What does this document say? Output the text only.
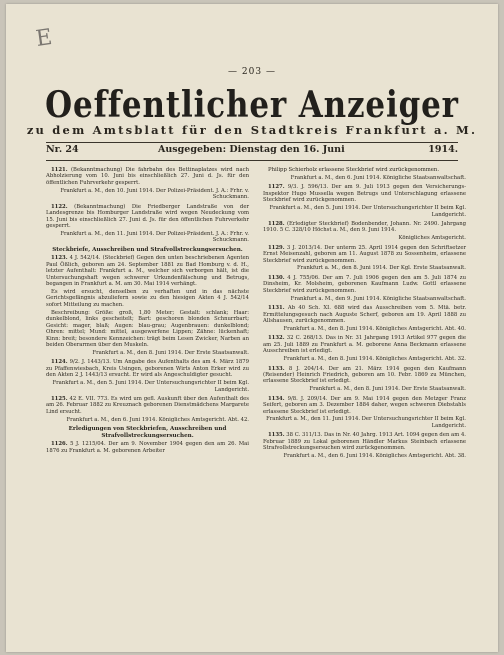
E
— 203 —
Oeffentlicher Anzeiger
zu dem Amtsblatt für den Stadtkreis Frankfurt a. M.
Nr. 24	Ausgegeben: Dienstag den 16. Juni	1914.

1121. (Bekanntmachung) Die fahrbahn des Bettinaplatzes wird nach Abholzierung vom 10. Juni bis einschließlich 27. Juni d. Js. für den öffentlichen Fuhrverkehr gesperrt.

Frankfurt a. M., den 10. Juni 1914. Der Polizei-Präsident. J. A.: Frhr. v. Schuckmann.

1122. (Bekanntmachung) Die Friedberger Landstraße von der Landesgrenze bis Homburger Landstraße wird wegen Neudeckung vom 15. Juni bis einschließlich 27. Juni d. Js. für den öffentlichen Fuhrverkehr gesperrt.

Frankfurt a. M., den 11. Juni 1914. Der Polizei-Präsident. J. A.: Frhr. v. Schuckmann.

Steckbriefe, Ausschreiben und Strafvollstreckungsersuchen.

1123. 4 J. 542/14. (Steckbrief) Gegen den unten beschriebenen Agenten Paul Ößlich, geboren am 24. September 1881 zu Bad Homburg v. d. H., letzter Aufenthalt: Frankfurt a. M., welcher sich verborgen hält, ist die Untersuchungshaft wegen schwerer Urkundenfälschung und Betrugs, begangen in Frankfurt a. M. am 30. Mai 1914 verhängt.

Es wird ersucht, denselben zu verhaften und in das nächste Gerichtsgefängnis abzuliefern sowie zu den hiesigen Akten 4 J. 542/14 sofort Mitteilung zu machen.

Beschreibung: Größe: groß, 1,80 Meter; Gestalt: schlank; Haar: dunkelblond, links gescheitelt; Bart: geschoren blonden Schnurrbart; Gesicht: mager, blaß; Augen: blau-grau; Augenbrauen: dunkelblond; Ohren: mittel; Mund: mittel, ausgewerfene Lippen; Zähne: lückenhaft; Kinn: breit; besondere Kennzeichen: trägt beim Lesen Zwicker, Narben an beiden Oberarmen über den Muskeln.

Frankfurt a. M., den 8. Juni 1914. Der Erste Staatsanwalt.

1124. 9/2. J. 1443/13. Um Angabe des Aufenthalts des am 4. März 1879 zu Pfaffenwiesbach, Kreis Usingen, geborenen Wirts Anton Erker wird zu den Akten 2 J. 1443/13 ersucht. Er wird als Angeschuldigter gesucht.

Frankfurt a. M., den 5. Juni 1914. Der Untersuchungsrichter II beim Kgl. Landgericht.

1125. 42 E. VII. 773. Es wird um gefl. Auskunft über den Aufenthalt des am 26. Februar 1882 zu Kreuznach geborenen Dienstmädchens Margarete Lind ersucht.

Frankfurt a. M., den 6. Juni 1914. Königliches Amtsgericht. Abt. 42.

Erledigungen von Steckbriefen, Ausschreiben und Strafvollstreckungsersuchen.

1126. 5 J. 1215/04. Der am 9. November 1904 gegen den am 26. Mai 1876 zu Frankfurt a. M. geborenen Arbeiter

Philipp Schierholz erlassene Steckbrief wird zurückgenommen.

Frankfurt a. M., den 6. Juni 1914. Königliche Staatsanwaltschaft.

1127. 9/3. J. 596/13. Der am 9. Juli 1913 gegen den Versicherungs-Inspektor Hugo Mussella wegen Betrugs und Unterschlagung erlassene Steckbrief wird zurückgenommen.

Frankfurt a. M., den 5. Juni 1914. Der Untersuchungsrichter II beim Kgl. Landgericht.

1128. (Erledigter Steckbrief) Bodenbender, Johann. Nr. 2490. Jahrgang 1910. 5 C. 328/10 Höchst a. M., den 9. Juni 1914.

Königliches Amtsgericht.

1129. 3 J. 2013/14. Der unterm 25. April 1914 gegen den Schriftsetzer Ernst Meisenzahl, geboren am 11. August 1878 zu Sossenheim, erlassene Steckbrief wird zurückgenommen.

Frankfurt a. M., den 8. Juni 1914. Der Kgl. Erste Staatsanwalt.

1130. 4 J. 755/06. Der am 7. Juli 1906 gegen den am 5. Juli 1874 zu Dinsheim, Kr. Molsheim, geborenen Kaufmann Ludw. Gottl erlassene Steckbrief wird zurückgenommen.

Frankfurt a. M., den 9. Juni 1914. Königliche Staatsanwaltschaft.

1131. Ab 40 Sch. XI. 688 wird das Ausschreiben vom 5. Mtä. betr. Ermittelungsgesuch nach Auguste Scherf, geboren am 19. April 1888 zu Allshausen, zurückgenommen.

Frankfurt a. M., den 8. Juni 1914. Königliches Amtsgericht. Abt. 40.

1132. 32 C. 268/13. Das in Nr. 31 Jahrgang 1913 Artikel 977 gegen die am 25. Juli 1889 zu Frankfurt a. M. geborene Anna Beckmann erlassene Ausschreiben ist erledigt.

Frankfurt a. M., den 8. Juni 1914. Königliches Amtsgericht. Abt. 32.

1133. 8 J. 204/14. Der am 21. März 1914 gegen den Kaufmann (Reisender) Heinrich Friedrich, geboren am 10. Febr. 1869 zu München, erlassene Steckbrief ist erledigt.

Frankfurt a. M., den 8. Juni 1914. Der Erste Staatsanwalt.

1134. 9/8. J. 209/14. Der am 9. Mai 1914 gegen den Metzger Franz Seifert, geboren am 3. Dezember 1884 daher, wegen schweren Diebstahls erlassene Steckbrief ist erledigt.

Frankfurt a. M., den 11. Juni 1914. Der Untersuchungsrichter II beim Kgl. Landgericht.

1135. 38 C. 311/13. Das in Nr. 40 Jahrg. 1913 Art. 1094 gegen den am 4. Februar 1889 zu Lokal geborenen Händler Markus Steinbach erlassene Strafvollstreckungsersuchen wird zurückgenommen.

Frankfurt a. M., den 6. Juni 1914. Königliches Amtsgericht. Abt. 38.
